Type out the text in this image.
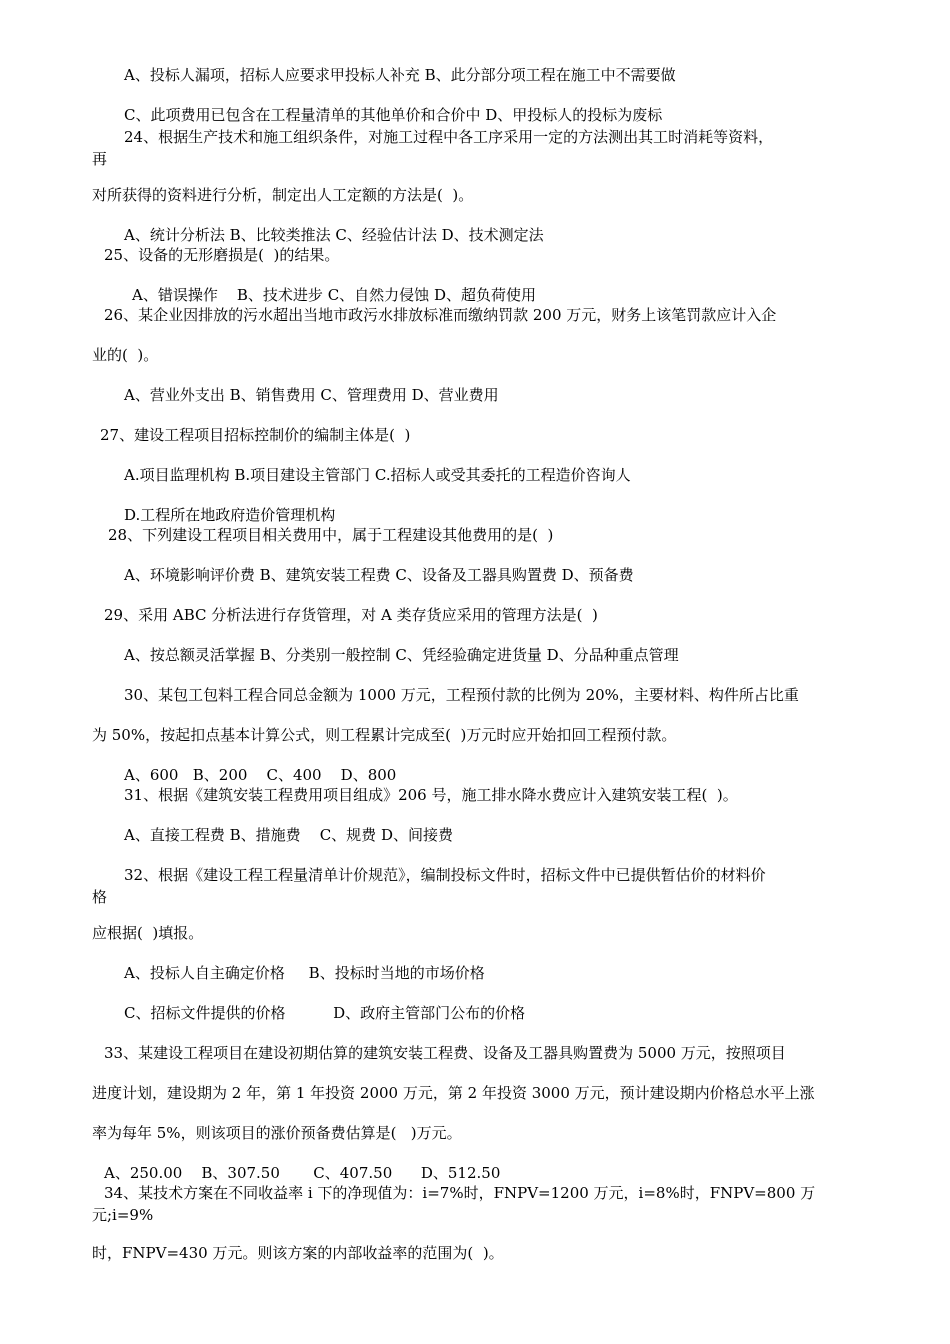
A、投标人漏项，招标人应要求甲投标人补充 B、此分部分项工程在施工中不需要做

C、此项费用已包含在工程量清单的其他单价和合价中 D、甲投标人的投标为废标

24、根据生产技术和施工组织条件，对施工过程中各工序采用一定的方法测出其工时消耗等资料，

再

对所获得的资料进行分析，制定出人工定额的方法是(  )。

A、统计分析法 B、比较类推法 C、经验估计法 D、技术测定法

25、设备的无形磨损是(  )的结果。

A、错误操作    B、技术进步 C、自然力侵蚀 D、超负荷使用

26、某企业因排放的污水超出当地市政污水排放标准而缴纳罚款 200 万元，财务上该笔罚款应计入企

业的(  )。

A、营业外支出 B、销售费用 C、管理费用 D、营业费用

27、建设工程项目招标控制价的编制主体是(  )

A.项目监理机构 B.项目建设主管部门 C.招标人或受其委托的工程造价咨询人

D.工程所在地政府造价管理机构

28、下列建设工程项目相关费用中，属于工程建设其他费用的是(  )

A、环境影响评价费 B、建筑安装工程费 C、设备及工器具购置费 D、预备费

29、采用 ABC 分析法进行存货管理，对 A 类存货应采用的管理方法是(  )

A、按总额灵活掌握 B、分类别一般控制 C、凭经验确定进货量 D、分品种重点管理

30、某包工包料工程合同总金额为 1000 万元，工程预付款的比例为 20%，主要材料、构件所占比重

为 50%，按起扣点基本计算公式，则工程累计完成至(  )万元时应开始扣回工程预付款。

A、600   B、200    C、400    D、800

31、根据《建筑安装工程费用项目组成》206 号，施工排水降水费应计入建筑安装工程(  )。

A、直接工程费 B、措施费    C、规费 D、间接费

32、根据《建设工程工程量清单计价规范》，编制投标文件时，招标文件中已提供暂估价的材料价

格

应根据(  )填报。

A、投标人自主确定价格     B、投标时当地的市场价格

C、招标文件提供的价格          D、政府主管部门公布的价格

33、某建设工程项目在建设初期估算的建筑安装工程费、设备及工器具购置费为 5000 万元，按照项目

进度计划，建设期为 2 年，第 1 年投资 2000 万元，第 2 年投资 3000 万元，预计建设期内价格总水平上涨

率为每年 5%，则该项目的涨价预备费估算是(   )万元。

A、250.00    B、307.50       C、407.50      D、512.50

34、某技术方案在不同收益率 i 下的净现值为：i=7%时，FNPV=1200 万元，i=8%时，FNPV=800 万

元;i=9%

时，FNPV=430 万元。则该方案的内部收益率的范围为(  )。
